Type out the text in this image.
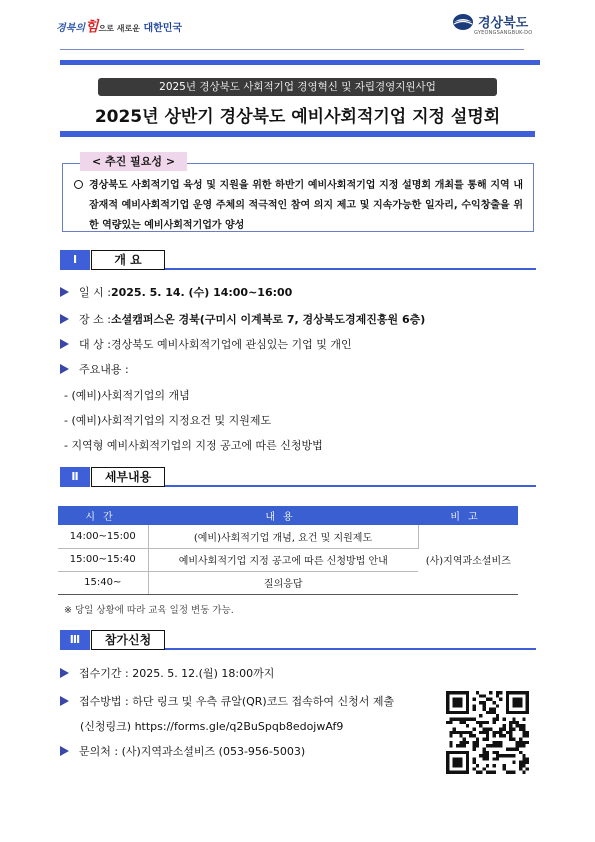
경북의힘으로 새로운 대한민국	경상북도
GYEONGSANGBUK-DO
2025년 경상북도 사회적기업 경영혁신 및 자립경영지원사업
2025년 상반기 경상북도 예비사회적기업 지정 설명회
< 추진 필요성 >
경상북도 사회적기업 육성 및 지원을 위한 하반기 예비사회적기업 지정 설명회 개최를 통해 지역 내 잠재적 예비사회적기업 운영 주체의 적극적인 참여 의지 제고 및 지속가능한 일자리, 수익창출을 위한 역량있는 예비사회적기업가 양성
Ⅰ	개 요
일 시 : 2025. 5. 14. (수) 14:00~16:00
장 소 : 소셜캠퍼스온 경북(구미시 이계북로 7, 경상북도경제진흥원 6층)
대 상 : 경상북도 예비사회적기업에 관심있는 기업 및 개인
주요내용 :
- (예비)사회적기업의 개념
- (예비)사회적기업의 지정요건 및 지원제도
- 지역형 예비사회적기업의 지정 공고에 따른 신청방법
Ⅱ	세부내용
시간	내용	비고
14:00~15:00	(예비)사회적기업 개념, 요건 및 지원제도	(사)지역과소셜비즈
15:00~15:40	예비사회적기업 지정 공고에 따른 신청방법 안내	
15:40~	질의응답	
※ 당일 상황에 따라 교육 일정 변동 가능.
Ⅲ	참가신청
접수기간 : 2025. 5. 12.(월) 18:00까지
접수방법 : 하단 링크 및 우측 큐알(QR)코드 접속하여 신청서 제출
(신청링크) https://forms.gle/q2BuSpqb8edojwAf9
문의처 : (사)지역과소셜비즈 (053-956-5003)
